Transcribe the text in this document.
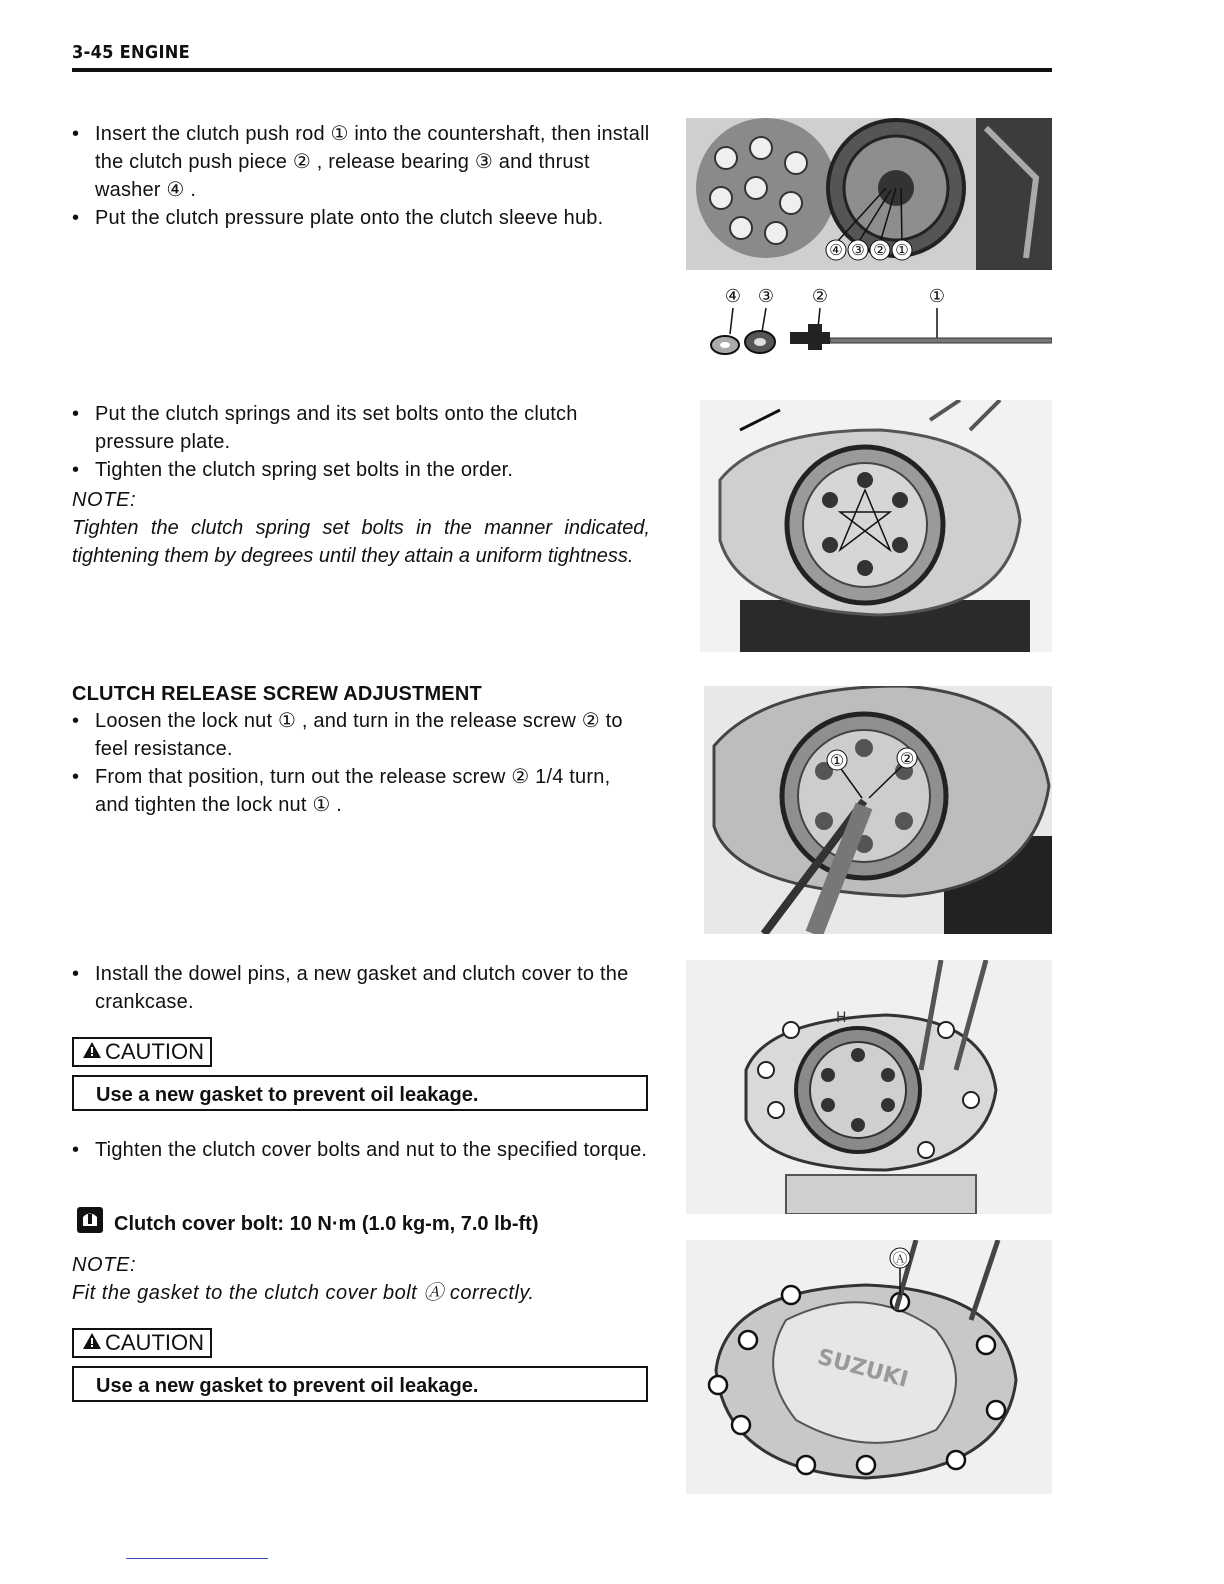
3-45 ENGINE
• Insert the clutch push rod ① into the countershaft, then install the clutch push piece ② , release bearing ③ and thrust washer ④ .
• Put the clutch pressure plate onto the clutch sleeve hub.
• Put the clutch springs and its set bolts onto the clutch pressure plate.
• Tighten the clutch spring set bolts in the order.
NOTE:
Tighten the clutch spring set bolts in the manner indicated, tightening them by degrees until they attain a uniform tightness.
CLUTCH RELEASE SCREW ADJUSTMENT
• Loosen the lock nut ① , and turn in the release screw ② to feel resistance.
• From that position, turn out the release screw ② 1/4 turn, and tighten the lock nut ① .
• Install the dowel pins, a new gasket and clutch cover to the crankcase.
CAUTION
Use a new gasket to prevent oil leakage.
• Tighten the clutch cover bolts and nut to the specified torque.
Clutch cover bolt: 10 N·m (1.0 kg-m, 7.0 lb-ft)
NOTE:
Fit the gasket to the clutch cover bolt Ⓐ correctly.
CAUTION
Use a new gasket to prevent oil leakage.
④ ③ ② ①
④ ③ ②	①
①	②
H
SUZUKI
Ⓐ
